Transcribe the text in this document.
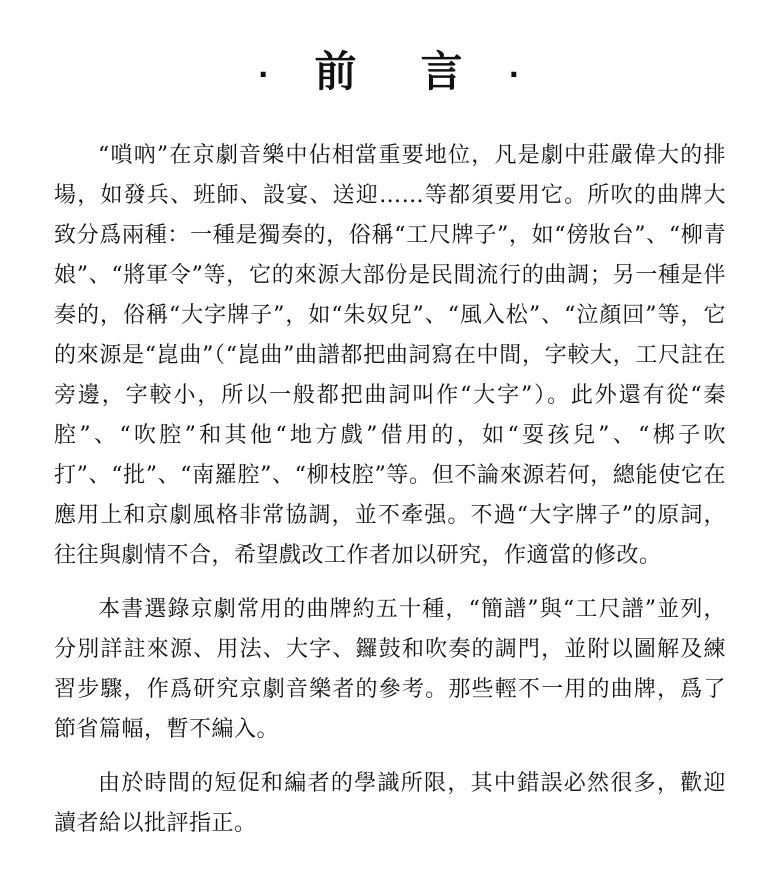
· 前 言 ·

“嗩吶”在京劇音樂中佔相當重要地位，凡是劇中莊嚴偉大的排場，如發兵、班師、設宴、送迎……等都須要用它。所吹的曲牌大致分爲兩種：一種是獨奏的，俗稱“工尺牌子”，如“傍妝台”、“柳青娘”、“將軍令”等，它的來源大部份是民間流行的曲調；另一種是伴奏的，俗稱“大字牌子”，如“朱奴兒”、“風入松”、“泣顏回”等，它的來源是“崑曲”（“崑曲”曲譜都把曲詞寫在中間，字較大，工尺註在旁邊，字較小，所以一般都把曲詞叫作“大字”）。此外還有從“秦腔”、“吹腔”和其他“地方戲”借用的，如“耍孩兒”、“梆子吹打”、“批”、“南羅腔”、“柳枝腔”等。但不論來源若何，總能使它在應用上和京劇風格非常協調，並不牽强。不過“大字牌子”的原詞，往往與劇情不合，希望戲改工作者加以研究，作適當的修改。

本書選錄京劇常用的曲牌約五十種，“簡譜”與“工尺譜”並列，分別詳註來源、用法、大字、鑼鼓和吹奏的調門，並附以圖解及練習步驟，作爲研究京劇音樂者的參考。那些輕不一用的曲牌，爲了節省篇幅，暫不編入。

由於時間的短促和編者的學識所限，其中錯誤必然很多，歡迎讀者給以批評指正。
